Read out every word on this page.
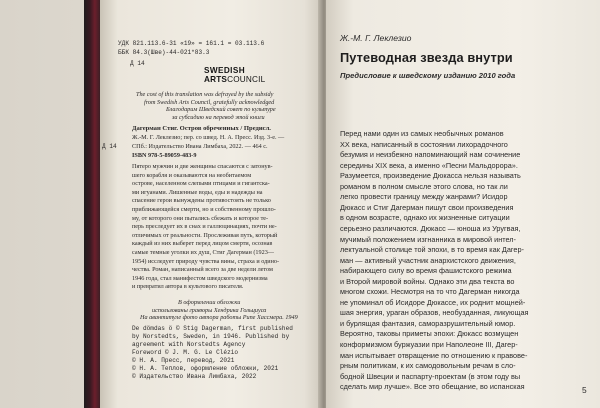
УДК 821.113.6-31 «19» = 161.1 = 03.113.6
ББК 84.3(Шве)-44-021*83.3
Д 14
SWEDISH
ARTSCOUNCIL
The cost of this translation was defrayed by the subsidy
from Swedish Arts Council, gratefully acknowledged
Благодарим Шведский совет по культуре
за субсидию на перевод этой книги
Д 14
Дагерман Стиг. Остров обреченных / Предисл.
Ж.-М. Г. Леклезио; пер. со швед. Н. А. Пресс. Изд. 3-е. —
СПб.: Издательство Ивана Лимбаха, 2022. — 464 с.
ISBN 978-5-89059-483-9
Пятеро мужчин и две женщины спасаются с затонув-
шего корабля и оказываются на необитаемом
острове, населенном слепыми птицами и гигантска-
ми игуанами. Лишенные воды, еды и надежды на
спасение герои вынуждены противостоять не только
приближающейся смерти, но и собственному прошло-
му, от которого они пытались сбежать и которое те-
перь преследует их в снах и галлюцинациях, почти не-
отличимых от реальности. Прослеживая путь, который
каждый из них выберет перед лицом смерти, осознав
самые темные уголки их душ, Стиг Дагерман (1923—
1954) исследует природу чувства вины, страха и одино-
чества. Роман, написанный всего за две недели летом
1946 года, стал манифестом шведского модернизма
и превратил автора в культового писателя.
В оформлении обложки
использованы гравюры Хендрика Гольциуса
На авантитуле фото автора работы Рune Хассмера. 1949
De dömdas ö © Stig Dagerman, first published
by Norstedts, Sweden, in 1946. Published by
agreement with Norstedts Agency
Foreword © J. M. G. Le Clézio
© Н. А. Пресс, перевод, 2021
© Н. А. Теплов, оформление обложки, 2021
© Издательство Ивана Лимбаха, 2022
Ж.-М. Г. Леклезио
Путеводная звезда внутри
Предисловие к шведскому изданию 2010 года
Перед нами один из самых необычных романов
XX века, написанный в состоянии лихорадочного
безумия и неизбежно напоминающий нам сочинение
середины XIX века, а именно «Песни Мальдорора».
Разумеется, произведение Дюкасса нельзя называть
романом в полном смысле этого слова, но так ли
легко провести границу между жанрами? Исидор
Дюкасс и Стиг Дагерман пишут свои произведения
в одном возрасте, однако их жизненные ситуации
серьезно различаются. Дюкасс — юноша из Уругвая,
мучимый положением изгнанника в мировой интел-
лектуальной столице той эпохи, в то время как Дагер-
ман — активный участник анархистского движения,
набирающего силу во время фашистского режима
и Второй мировой войны. Однако эти два текста во
многом схожи. Несмотря на то что Дагерман никогда
не упоминал об Исидоре Дюкассе, их роднит мощней-
шая энергия, ураган образов, необузданная, ликующая
и бурлящая фантазия, саморазрушительный юмор.
Вероятно, таковы приметы эпохи: Дюкасс возмущен
конформизмом буржуазии при Наполеоне III, Дагер-
ман испытывает отвращение по отношению к правове-
рным политикам, к их самодовольным речам в сло-
бодной Швеции и паспарту-проектам (в этом году вы
сделать мир лучше». Все это обещание, во испанская	5
